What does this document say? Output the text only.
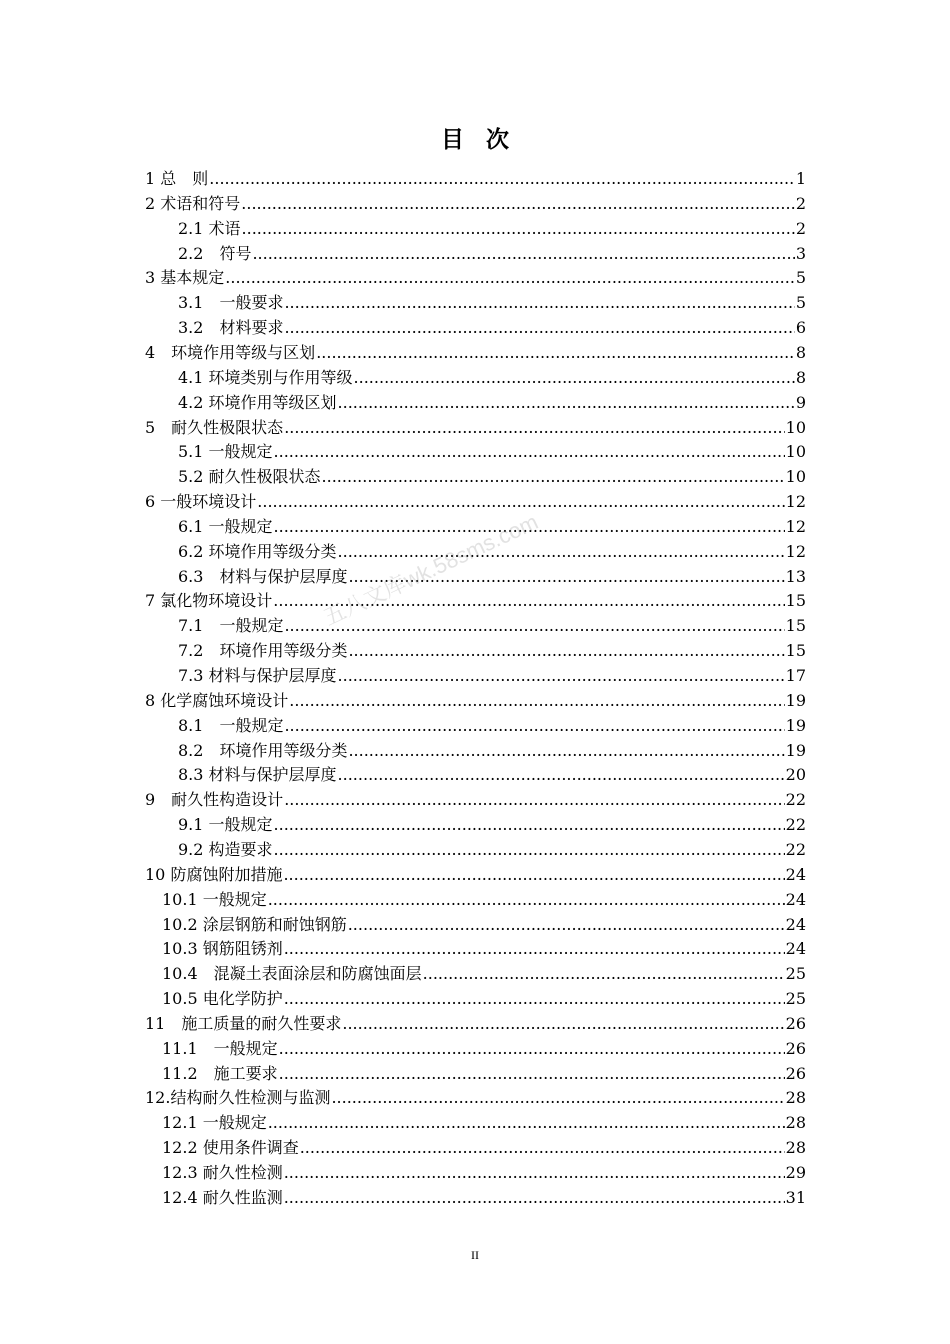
目 次
1 总　则 .....	1
2 术语和符号 .....	2
2.1 术语 .....	2
2.2　符号 .....	3
3 基本规定 .....	5
3.1　一般要求 .....	5
3.2　材料要求 .....	6
4　环境作用等级与区划 .....	8
4.1 环境类别与作用等级 .....	8
4.2 环境作用等级区划 .....	9
5　耐久性极限状态 .....	10
5.1 一般规定 .....	10
5.2 耐久性极限状态 .....	10
6 一般环境设计 .....	12
6.1 一般规定 .....	12
6.2 环境作用等级分类 .....	12
6.3　材料与保护层厚度 .....	13
7 氯化物环境设计 .....	15
7.1　一般规定 .....	15
7.2　环境作用等级分类 .....	15
7.3 材料与保护层厚度 .....	17
8 化学腐蚀环境设计 .....	19
8.1　一般规定 .....	19
8.2　环境作用等级分类 .....	19
8.3 材料与保护层厚度 .....	20
9　耐久性构造设计 .....	22
9.1 一般规定 .....	22
9.2 构造要求 .....	22
10 防腐蚀附加措施 .....	24
10.1 一般规定 .....	24
10.2 涂层钢筋和耐蚀钢筋 .....	24
10.3 钢筋阻锈剂 .....	24
10.4　混凝土表面涂层和防腐蚀面层 .....	25
10.5 电化学防护 .....	25
11　施工质量的耐久性要求 .....	26
11.1　一般规定 .....	26
11.2　施工要求 .....	26
12.结构耐久性检测与监测 .....	28
12.1 一般规定 .....	28
12.2 使用条件调查 .....	28
12.3 耐久性检测 .....	29
12.4 耐久性监测 .....	31
五八文库wk.58sms.com
II
